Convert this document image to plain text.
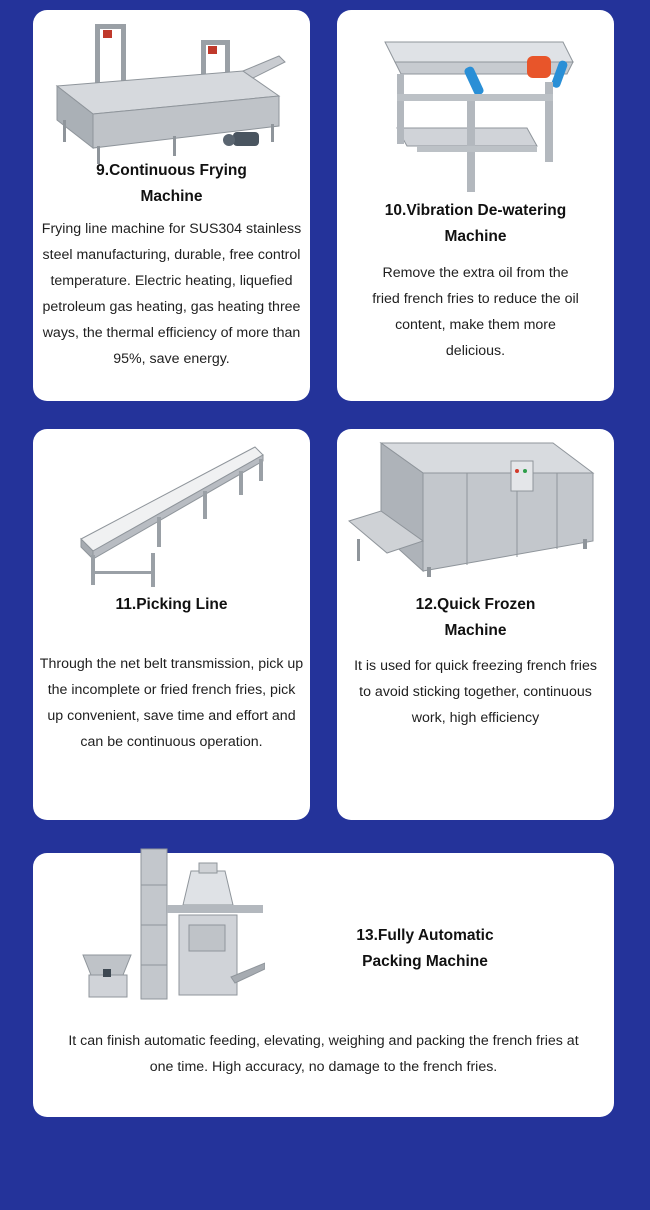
9.Continuous Frying Machine
Frying line machine for SUS304 stainless steel manufacturing, durable, free control temperature. Electric heating, liquefied petroleum gas heating, gas heating three ways, the thermal efficiency of more than 95%, save energy.
10.Vibration De-watering Machine
Remove the extra oil from the fried french fries to reduce the oil content, make them more delicious.
11.Picking Line
Through the net belt transmission, pick up the incomplete or fried french fries, pick up convenient, save time and effort and can be continuous operation.
12.Quick Frozen Machine
It is used for quick freezing french fries to avoid sticking together, continuous work, high efficiency
13.Fully Automatic Packing Machine
It can finish automatic feeding, elevating, weighing and packing the french fries at one time. High accuracy, no damage to the french fries.
